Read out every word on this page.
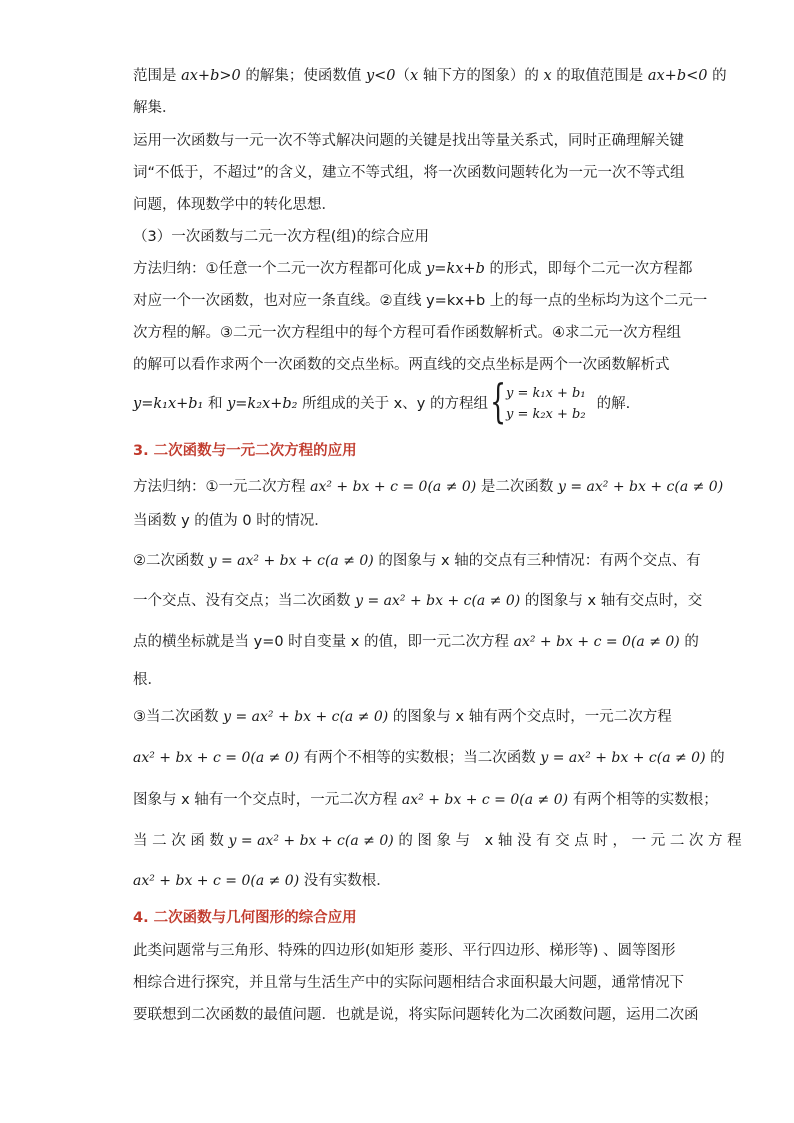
范围是 ax+b>0 的解集；使函数值 y<0（x 轴下方的图象）的 x 的取值范围是 ax+b<0 的
解集．
运用一次函数与一元一次不等式解决问题的关键是找出等量关系式，同时正确理解关键
词“不低于，不超过”的含义，建立不等式组，将一次函数问题转化为一元一次不等式组
问题，体现数学中的转化思想．
（3）一次函数与二元一次方程(组)的综合应用
方法归纳：①任意一个二元一次方程都可化成 y=kx+b 的形式，即每个二元一次方程都
对应一个一次函数，也对应一条直线。②直线 y=kx+b 上的每一点的坐标均为这个二元一
次方程的解。③二元一次方程组中的每个方程可看作函数解析式。④求二元一次方程组
的解可以看作求两个一次函数的交点坐标。两直线的交点坐标是两个一次函数解析式
y=k₁x+b₁ 和 y=k₂x+b₂ 所组成的关于 x、y 的方程组 { y = k₁x + b₁
y = k₂x + b₂
的解.
3. 二次函数与一元二次方程的应用
方法归纳：①一元二次方程 ax² + bx + c = 0(a ≠ 0) 是二次函数 y = ax² + bx + c(a ≠ 0)
当函数 y 的值为 0 时的情况．
②二次函数 y = ax² + bx + c(a ≠ 0) 的图象与 x 轴的交点有三种情况：有两个交点、有
一个交点、没有交点；当二次函数 y = ax² + bx + c(a ≠ 0) 的图象与 x 轴有交点时，交
点的横坐标就是当 y=0 时自变量 x 的值，即一元二次方程 ax² + bx + c = 0(a ≠ 0) 的
根．
③当二次函数 y = ax² + bx + c(a ≠ 0) 的图象与 x 轴有两个交点时，一元二次方程
ax² + bx + c = 0(a ≠ 0) 有两个不相等的实数根；当二次函数 y = ax² + bx + c(a ≠ 0) 的
图象与 x 轴有一个交点时，一元二次方程 ax² + bx + c = 0(a ≠ 0) 有两个相等的实数根；
当 二 次 函 数 y = ax² + bx + c(a ≠ 0) 的 图 象 与　x 轴 没 有 交 点 时 ， 一 元 二 次 方 程
ax² + bx + c = 0(a ≠ 0) 没有实数根．
4. 二次函数与几何图形的综合应用
此类问题常与三角形、特殊的四边形(如矩形 菱形、平行四边形、梯形等) 、圆等图形
相综合进行探究，并且常与生活生产中的实际问题相结合求面积最大问题，通常情况下
要联想到二次函数的最值问题．也就是说，将实际问题转化为二次函数问题，运用二次函
